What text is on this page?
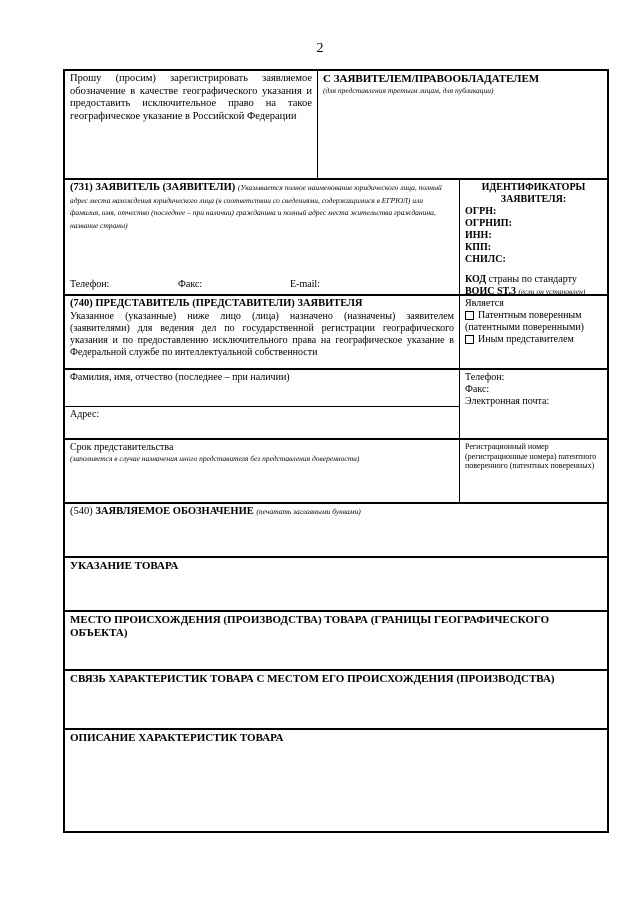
2
Прошу (просим) зарегистрировать заявляемое обозначение в качестве географического указания и предоставить исключительное право на такое географическое указание в Российской Федерации
С ЗАЯВИТЕЛЕМ/ПРАВООБЛАДАТЕЛЕМ
(для представления третьим лицам, для публикации)
(731) ЗАЯВИТЕЛЬ (ЗАЯВИТЕЛИ) (Указывается полное наименование юридического лица, полный адрес места нахождения юридического лица (в соответствии со сведениями, содержащимися в ЕГРЮЛ) или фамилия, имя, отчество (последнее – при наличии) гражданина и полный адрес места жительства гражданина, название страны)
Телефон:	Факс:	E-mail:
ИДЕНТИФИКАТОРЫ ЗАЯВИТЕЛЯ:
ОГРН:
ОГРНИП:
ИНН:
КПП:
СНИЛС:
КОД страны по стандарту
ВОИС ST.3 (если он установлен)
(740) ПРЕДСТАВИТЕЛЬ (ПРЕДСТАВИТЕЛИ) ЗАЯВИТЕЛЯ
Указанное (указанные) ниже лицо (лица) назначено (назначены) заявителем (заявителями) для ведения дел по государственной регистрации географического указания и по предоставлению исключительного права на географическое указание в Федеральной службе по интеллектуальной собственности
Является
Патентным поверенным (патентными поверенными)
Иным представителем
Фамилия, имя, отчество (последнее – при наличии)
Адрес:
Телефон:
Факс:
Электронная почта:
Срок представительства
(заполняется в случае назначения иного представителя без представления доверенности)
Регистрационный номер (регистрационные номера) патентного поверенного (патентных поверенных)
(540) ЗАЯВЛЯЕМОЕ ОБОЗНАЧЕНИЕ (печатать заглавными буквами)
УКАЗАНИЕ ТОВАРА
МЕСТО ПРОИСХОЖДЕНИЯ (ПРОИЗВОДСТВА) ТОВАРА (ГРАНИЦЫ ГЕОГРАФИЧЕСКОГО ОБЪЕКТА)
СВЯЗЬ ХАРАКТЕРИСТИК ТОВАРА С МЕСТОМ ЕГО ПРОИСХОЖДЕНИЯ (ПРОИЗВОДСТВА)
ОПИСАНИЕ ХАРАКТЕРИСТИК ТОВАРА
